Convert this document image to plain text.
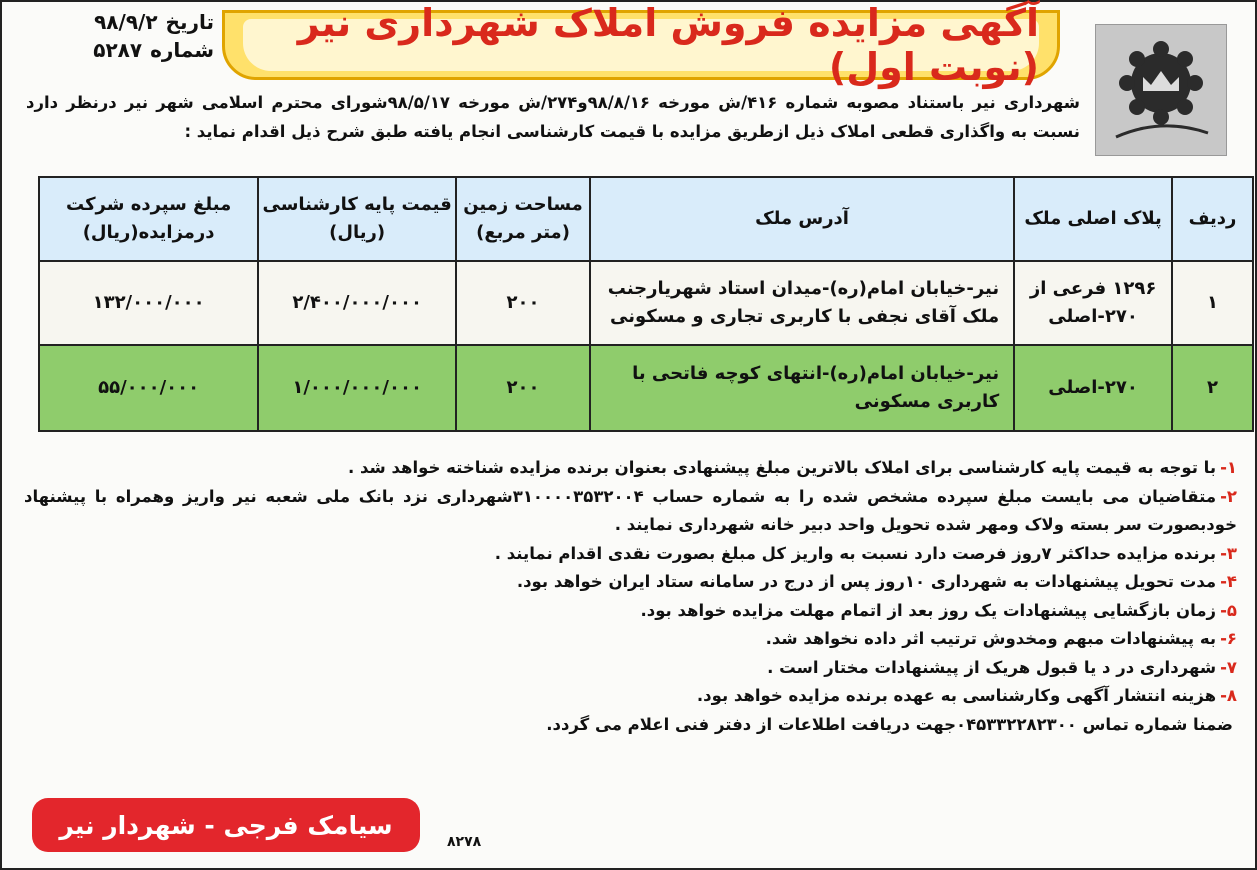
آگهی مزایده فروش املاک شهرداری نیر (نوبت اول)
تاریخ
۹۸/۹/۲
شماره
۵۲۸۷
شهرداری نیر باستناد مصوبه شماره ۴۱۶/ش مورخه ۹۸/۸/۱۶و۲۷۴/ش مورخه ۹۸/۵/۱۷شورای محترم اسلامی شهر نیر درنظر دارد نسبت به واگذاری قطعی املاک ذیل ازطریق مزایده با قیمت کارشناسی انجام یافته طبق شرح ذیل اقدام نماید :
ردیف	پلاک اصلی ملک	آدرس ملک	مساحت زمین (متر مربع)	قیمت پایه کارشناسی (ریال)	مبلغ سپرده شرکت درمزایده(ریال)
۱	۱۲۹۶ فرعی از ۲۷۰-اصلی	نیر-خیابان امام(ره)-میدان استاد شهریارجنب ملک آقای نجفی با کاربری تجاری و مسکونی	۲۰۰	۲/۴۰۰/۰۰۰/۰۰۰	۱۳۲/۰۰۰/۰۰۰
۲	۲۷۰-اصلی	نیر-خیابان امام(ره)-انتهای کوچه فاتحی با کاربری مسکونی	۲۰۰	۱/۰۰۰/۰۰۰/۰۰۰	۵۵/۰۰۰/۰۰۰
۱-با توجه به قیمت پایه کارشناسی برای املاک بالاترین مبلغ پیشنهادی بعنوان برنده مزایده شناخته خواهد شد .
۲-متقاضیان می بایست مبلغ سپرده مشخص شده را به شماره حساب ۳۱۰۰۰۰۳۵۳۲۰۰۴شهرداری نزد بانک ملی شعبه نیر واریز وهمراه با پیشنهاد خودبصورت سر بسته ولاک ومهر شده تحویل واحد دبیر خانه شهرداری نمایند .
۳-برنده مزایده حداکثر ۷روز فرصت دارد نسبت به واریز کل مبلغ بصورت نقدی اقدام نمایند .
۴-مدت تحویل پیشنهادات به شهرداری ۱۰روز پس از درج در سامانه ستاد ایران خواهد بود.
۵-زمان بازگشایی پیشنهادات یک روز بعد از اتمام مهلت مزایده خواهد بود.
۶-به پیشنهادات مبهم ومخدوش ترتیب اثر داده نخواهد شد.
۷-شهرداری در د یا قبول هریک از پیشنهادات مختار است .
۸-هزینه انتشار آگهی وکارشناسی به عهده برنده مزایده خواهد بود.
ضمنا شماره تماس ۰۴۵۳۳۲۲۸۲۳۰۰جهت دریافت اطلاعات از دفتر فنی اعلام می گردد.
سیامک فرجی - شهردار نیر
۸۲۷۸
